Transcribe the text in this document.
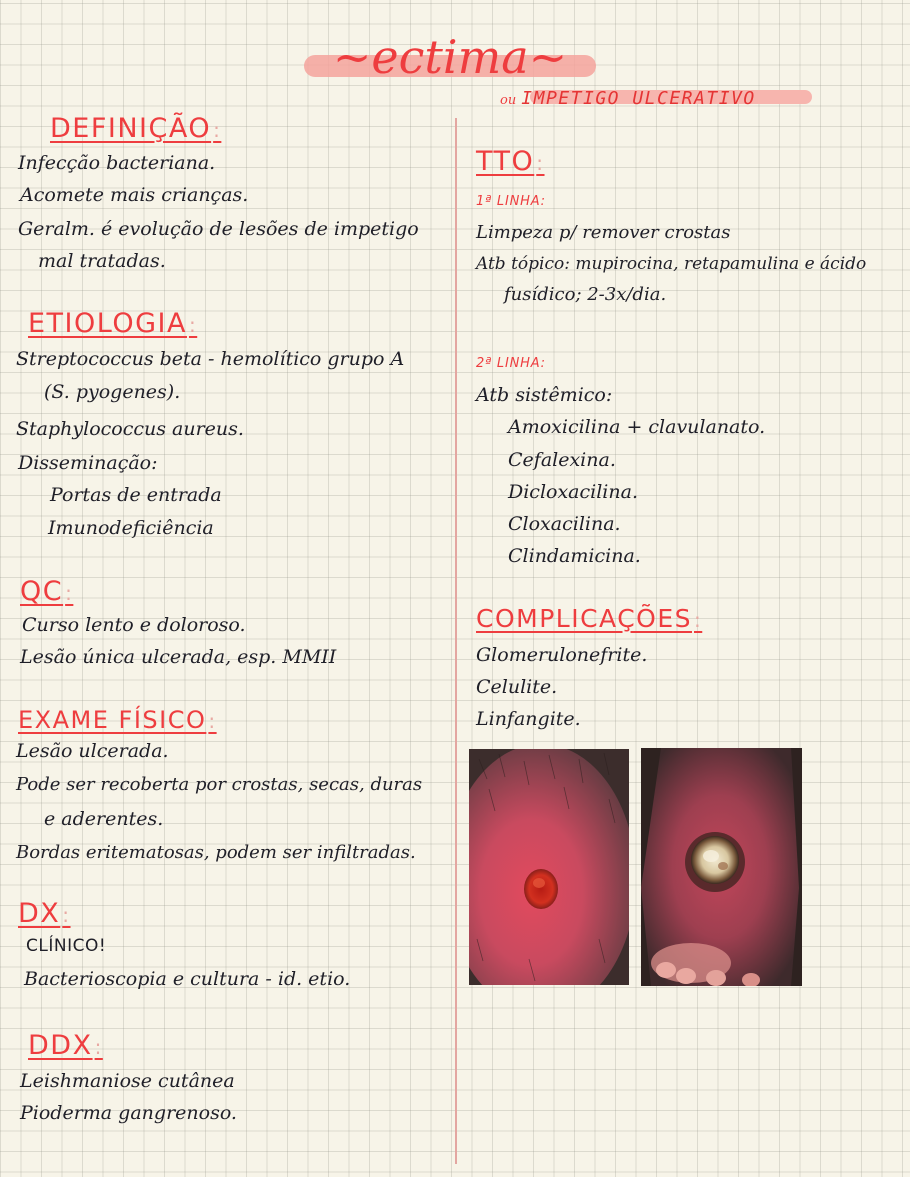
~ectima~
ou IMPETIGO ULCERATIVO
DEFINIÇÃO :
Infecção bacteriana.
Acomete mais crianças.
Geralm. é evolução de lesões de impetigo
mal tratadas.
ETIOLOGIA :
Streptococcus beta - hemolítico grupo A
(S. pyogenes).
Staphylococcus aureus.
Disseminação:
Portas de entrada
Imunodeficiência
QC :
Curso lento e doloroso.
Lesão única ulcerada, esp. MMII
EXAME FÍSICO :
Lesão ulcerada.
Pode ser recoberta por crostas, secas, duras
e aderentes.
Bordas eritematosas, podem ser infiltradas.
DX :
CLÍNICO!
Bacterioscopia e cultura - id. etio.
DDX :
Leishmaniose cutânea
Pioderma gangrenoso.
TTO :
1ª LINHA:
Limpeza p/ remover crostas
Atb tópico: mupirocina, retapamulina e ácido
fusídico; 2-3x/dia.
2ª LINHA:
Atb sistêmico:
Amoxicilina + clavulanato.
Cefalexina.
Dicloxacilina.
Cloxacilina.
Clindamicina.
COMPLICAÇÕES :
Glomerulonefrite.
Celulite.
Linfangite.
